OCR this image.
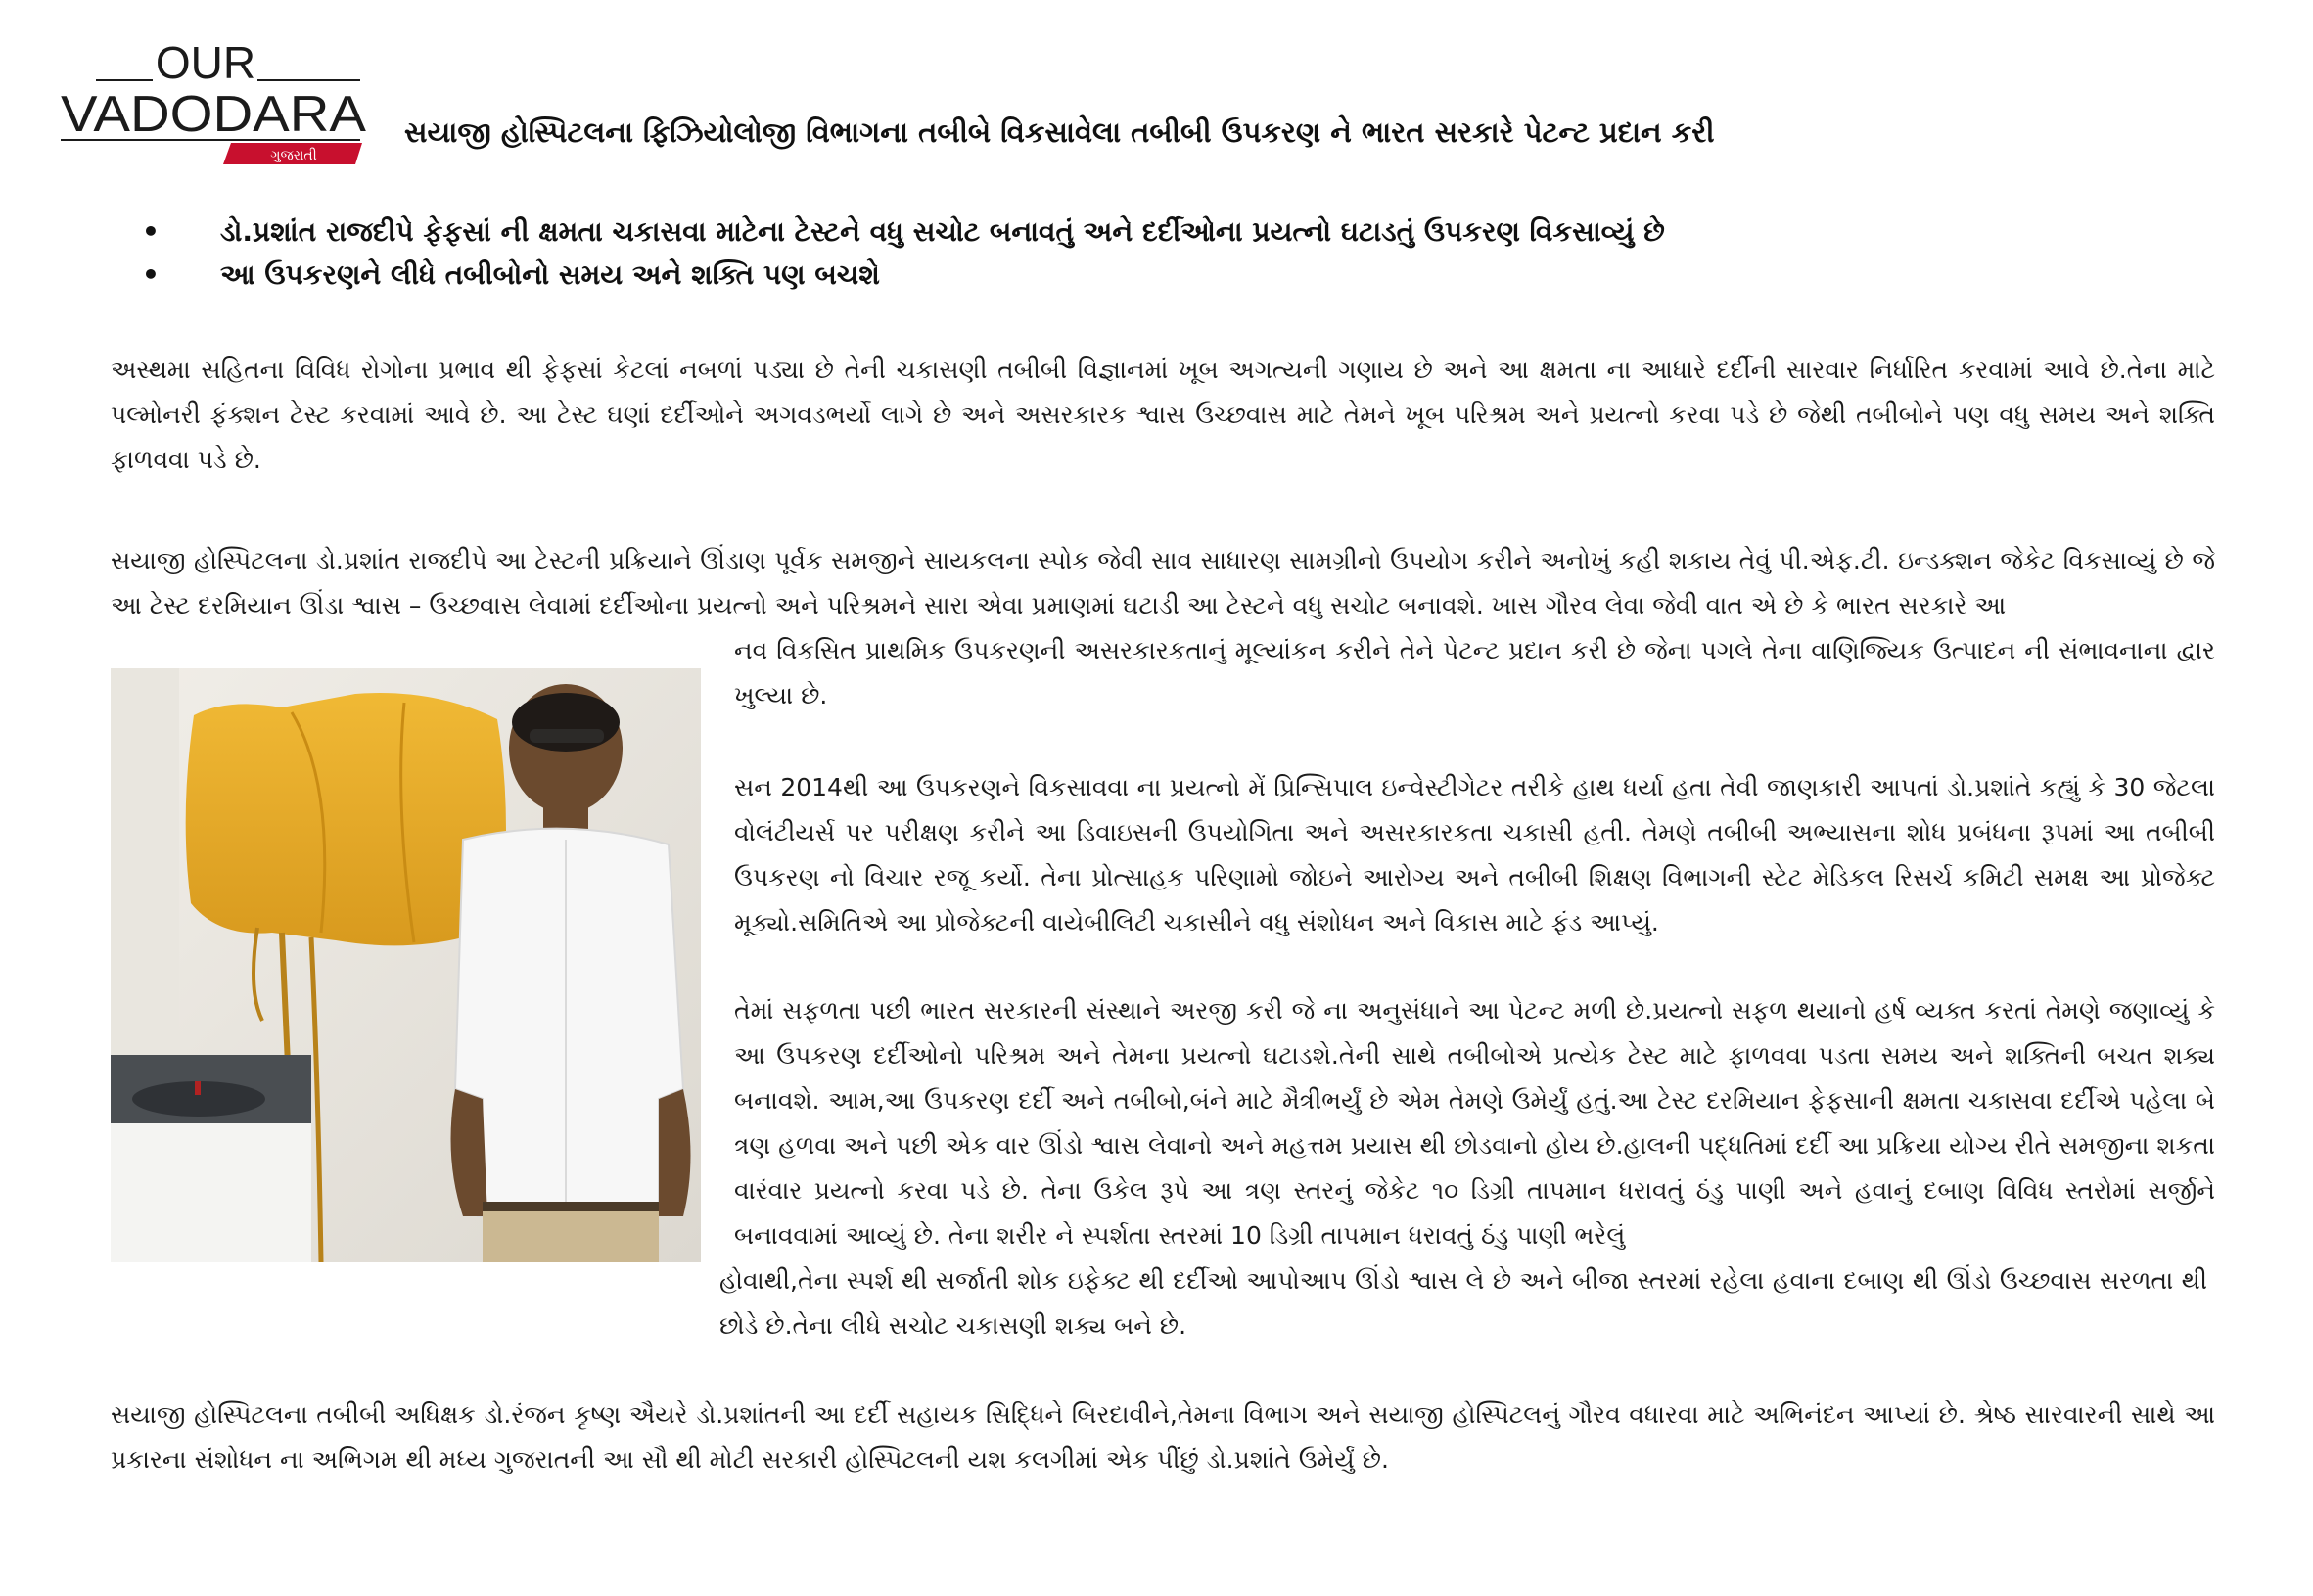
OUR
VADODARA
ગુજરાતી
સયાજી હોસ્પિટલના ફિઝિયોલોજી વિભાગના તબીબે વિકસાવેલા તબીબી ઉપકરણ ને ભારત સરકારે પેટન્ટ પ્રદાન કરી
• ડો.પ્રશાંત રાજદીપે ફેફસાં ની ક્ષમતા ચકાસવા માટેના ટેસ્ટને વધુ સચોટ બનાવતું અને દર્દીઓના પ્રયત્નો ઘટાડતું ઉપકરણ વિકસાવ્યું છે
• આ ઉપકરણને લીધે તબીબોનો સમય અને શક્તિ પણ બચશે

અસ્થમા સહિતના વિવિધ રોગોના પ્રભાવ થી ફેફસાં કેટલાં નબળાં પડ્યા છે તેની ચકાસણી તબીબી વિજ્ઞાનમાં ખૂબ અગત્યની ગણાય છે અને આ ક્ષમતા ના આધારે દર્દીની સારવાર નિર્ધારિત કરવામાં આવે છે.તેના માટે પલ્મોનરી ફંક્શન ટેસ્ટ કરવામાં આવે છે. આ ટેસ્ટ ઘણાં દર્દીઓને અગવડભર્યો લાગે છે અને અસરકારક શ્વાસ ઉચ્છવાસ માટે તેમને ખૂબ પરિશ્રમ અને પ્રયત્નો કરવા પડે છે જેથી તબીબોને પણ વધુ સમય અને શક્તિ ફાળવવા પડે છે.

સયાજી હોસ્પિટલના ડો.પ્રશાંત રાજદીપે આ ટેસ્ટની પ્રક્રિયાને ઊંડાણ પૂર્વક સમજીને સાયકલના સ્પોક જેવી સાવ સાધારણ સામગ્રીનો ઉપયોગ કરીને અનોખું કહી શકાય તેવું પી.એફ.ટી. ઇન્ડક્શન જેકેટ વિકસાવ્યું છે જે આ ટેસ્ટ દરમિયાન ઊંડા શ્વાસ – ઉચ્છવાસ લેવામાં દર્દીઓના પ્રયત્નો અને પરિશ્રમને સારા એવા પ્રમાણમાં ઘટાડી આ ટેસ્ટને વધુ સચોટ બનાવશે. ખાસ ગૌરવ લેવા જેવી વાત એ છે કે ભારત સરકારે આ

નવ વિકસિત પ્રાથમિક ઉપકરણની અસરકારકતાનું મૂલ્યાંકન કરીને તેને પેટન્ટ પ્રદાન કરી છે જેના પગલે તેના વાણિજ્યિક ઉત્પાદન ની સંભાવનાના દ્વાર ખુલ્યા છે.

સન 2014થી આ ઉપકરણને વિકસાવવા ના પ્રયત્નો મેં પ્રિન્સિપાલ ઇન્વેસ્ટીગેટર તરીકે હાથ ધર્યા હતા તેવી જાણકારી આપતાં ડો.પ્રશાંતે કહ્યું કે 30 જેટલા વોલંટીયર્સ પર પરીક્ષણ કરીને આ ડિવાઇસની ઉપયોગિતા અને અસરકારકતા ચકાસી હતી. તેમણે તબીબી અભ્યાસના શોધ પ્રબંધના રૂપમાં આ તબીબી ઉપકરણ નો વિચાર રજૂ કર્યો. તેના પ્રોત્સાહક પરિણામો જોઇને આરોગ્ય અને તબીબી શિક્ષણ વિભાગની સ્ટેટ મેડિકલ રિસર્ચ કમિટી સમક્ષ આ પ્રોજેક્ટ મૂક્યો.સમિતિએ આ પ્રોજેક્ટની વાયેબીલિટી ચકાસીને વધુ સંશોધન અને વિકાસ માટે ફંડ આપ્યું.

તેમાં સફળતા પછી ભારત સરકારની સંસ્થાને અરજી કરી જે ના અનુસંધાને આ પેટન્ટ મળી છે.પ્રયત્નો સફળ થયાનો હર્ષ વ્યક્ત કરતાં તેમણે જણાવ્યું કે આ ઉપકરણ દર્દીઓનો પરિશ્રમ અને તેમના પ્રયત્નો ઘટાડશે.તેની સાથે તબીબોએ પ્રત્યેક ટેસ્ટ માટે ફાળવવા પડતા સમય અને શક્તિની બચત શક્ય બનાવશે. આમ,આ ઉપકરણ દર્દી અને તબીબો,બંને માટે મૈત્રીભર્યું છે એમ તેમણે ઉમેર્યું હતું.આ ટેસ્ટ દરમિયાન ફેફસાની ક્ષમતા ચકાસવા દર્દીએ પહેલા બે ત્રણ હળવા અને પછી એક વાર ઊંડો શ્વાસ લેવાનો અને મહત્તમ પ્રયાસ થી છોડવાનો હોય છે.હાલની પદ્ધતિમાં દર્દી આ પ્રક્રિયા યોગ્ય રીતે સમજીના શકતા વારંવાર પ્રયત્નો કરવા પડે છે. તેના ઉકેલ રૂપે આ ત્રણ સ્તરનું જેકેટ ૧૦ ડિગ્રી તાપમાન ધરાવતું ઠંડુ પાણી અને હવાનું દબાણ વિવિધ સ્તરોમાં સર્જીને બનાવવામાં આવ્યું છે. તેના શરીર ને સ્પર્શતા સ્તરમાં 10 ડિગ્રી તાપમાન ધરાવતું ઠંડુ પાણી ભરેલું

હોવાથી,તેના સ્પર્શ થી સર્જાતી શોક ઇફેક્ટ થી દર્દીઓ આપોઆપ ઊંડો શ્વાસ લે છે અને બીજા સ્તરમાં રહેલા હવાના દબાણ થી ઊંડો ઉચ્છવાસ સરળતા થી છોડે છે.તેના લીધે સચોટ ચકાસણી શક્ય બને છે.

સયાજી હોસ્પિટલના તબીબી અધિક્ષક ડો.રંજન કૃષ્ણ ઐયરે ડો.પ્રશાંતની આ દર્દી સહાયક સિદ્ધિને બિરદાવીને,તેમના વિભાગ અને સયાજી હોસ્પિટલનું ગૌરવ વધારવા માટે અભિનંદન આપ્યાં છે. શ્રેષ્ઠ સારવારની સાથે આ પ્રકારના સંશોધન ના અભિગમ થી મધ્ય ગુજરાતની આ સૌ થી મોટી સરકારી હોસ્પિટલની યશ કલગીમાં એક પીંછું ડો.પ્રશાંતે ઉમેર્યું છે.
